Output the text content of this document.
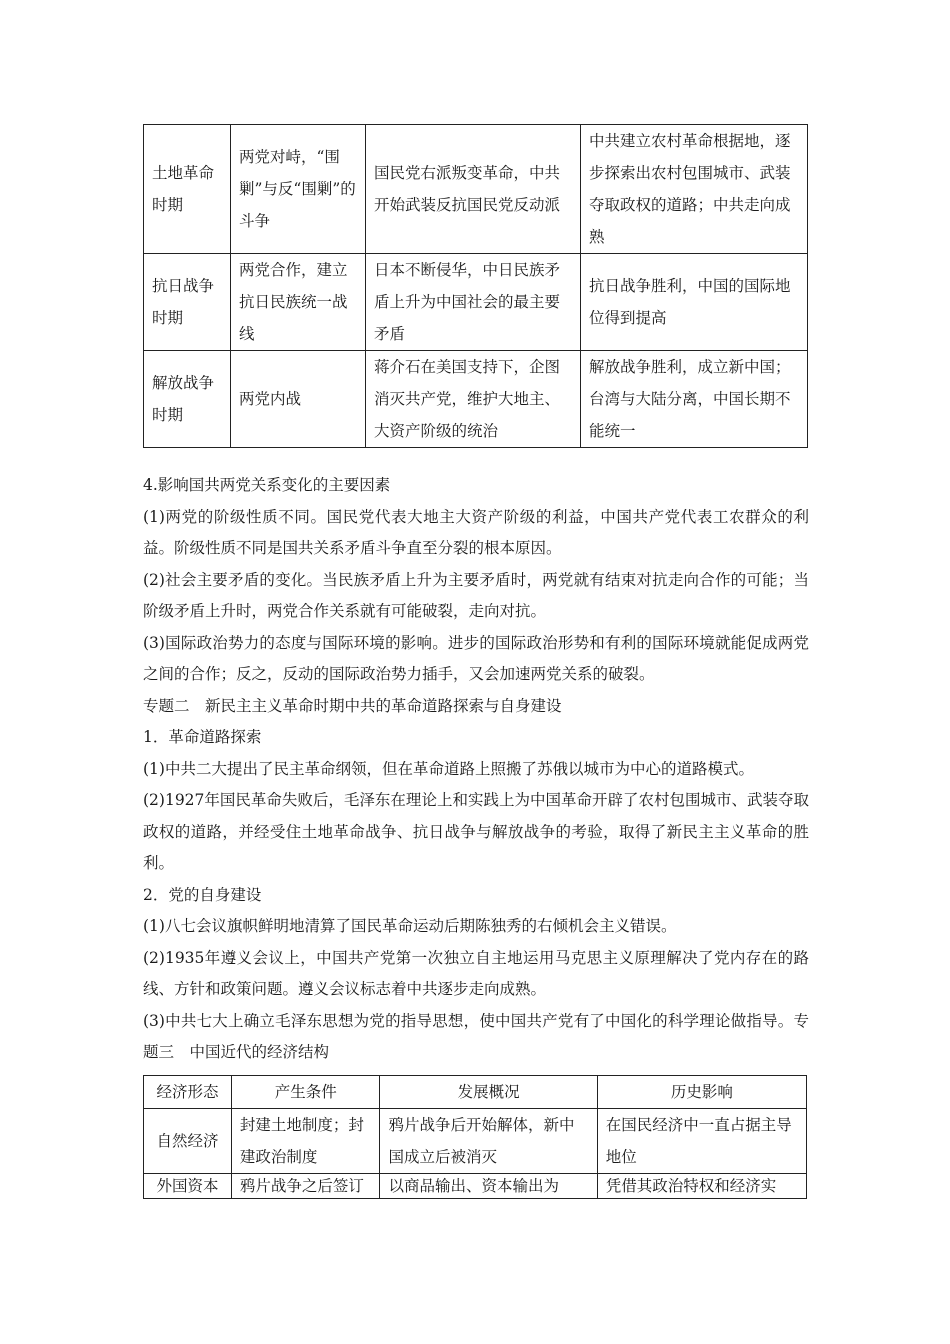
土地革命时期	两党对峙，“围剿”与反“围剿”的斗争	国民党右派叛变革命，中共开始武装反抗国民党反动派	中共建立农村革命根据地，逐步探索出农村包围城市、武装夺取政权的道路；中共走向成熟
抗日战争时期	两党合作，建立抗日民族统一战线	日本不断侵华，中日民族矛盾上升为中国社会的最主要矛盾	抗日战争胜利，中国的国际地位得到提高
解放战争时期	两党内战	蒋介石在美国支持下，企图消灭共产党，维护大地主、大资产阶级的统治	解放战争胜利，成立新中国；台湾与大陆分离，中国长期不能统一

4.影响国共两党关系变化的主要因素

(1)两党的阶级性质不同。国民党代表大地主大资产阶级的利益，中国共产党代表工农群众的利益。阶级性质不同是国共关系矛盾斗争直至分裂的根本原因。

(2)社会主要矛盾的变化。当民族矛盾上升为主要矛盾时，两党就有结束对抗走向合作的可能；当阶级矛盾上升时，两党合作关系就有可能破裂，走向对抗。

(3)国际政治势力的态度与国际环境的影响。进步的国际政治形势和有利的国际环境就能促成两党之间的合作；反之，反动的国际政治势力插手，又会加速两党关系的破裂。

专题二　新民主主义革命时期中共的革命道路探索与自身建设

1．革命道路探索

(1)中共二大提出了民主革命纲领，但在革命道路上照搬了苏俄以城市为中心的道路模式。

(2)1927年国民革命失败后，毛泽东在理论上和实践上为中国革命开辟了农村包围城市、武装夺取政权的道路，并经受住土地革命战争、抗日战争与解放战争的考验，取得了新民主主义革命的胜利。

2．党的自身建设

(1)八七会议旗帜鲜明地清算了国民革命运动后期陈独秀的右倾机会主义错误。

(2)1935年遵义会议上，中国共产党第一次独立自主地运用马克思主义原理解决了党内存在的路线、方针和政策问题。遵义会议标志着中共逐步走向成熟。

(3)中共七大上确立毛泽东思想为党的指导思想，使中国共产党有了中国化的科学理论做指导。专题三　中国近代的经济结构

经济形态	产生条件	发展概况	历史影响
自然经济	封建土地制度；封建政治制度	鸦片战争后开始解体，新中国成立后被消灭	在国民经济中一直占据主导地位
外国资本	鸦片战争之后签订	以商品输出、资本输出为	凭借其政治特权和经济实
